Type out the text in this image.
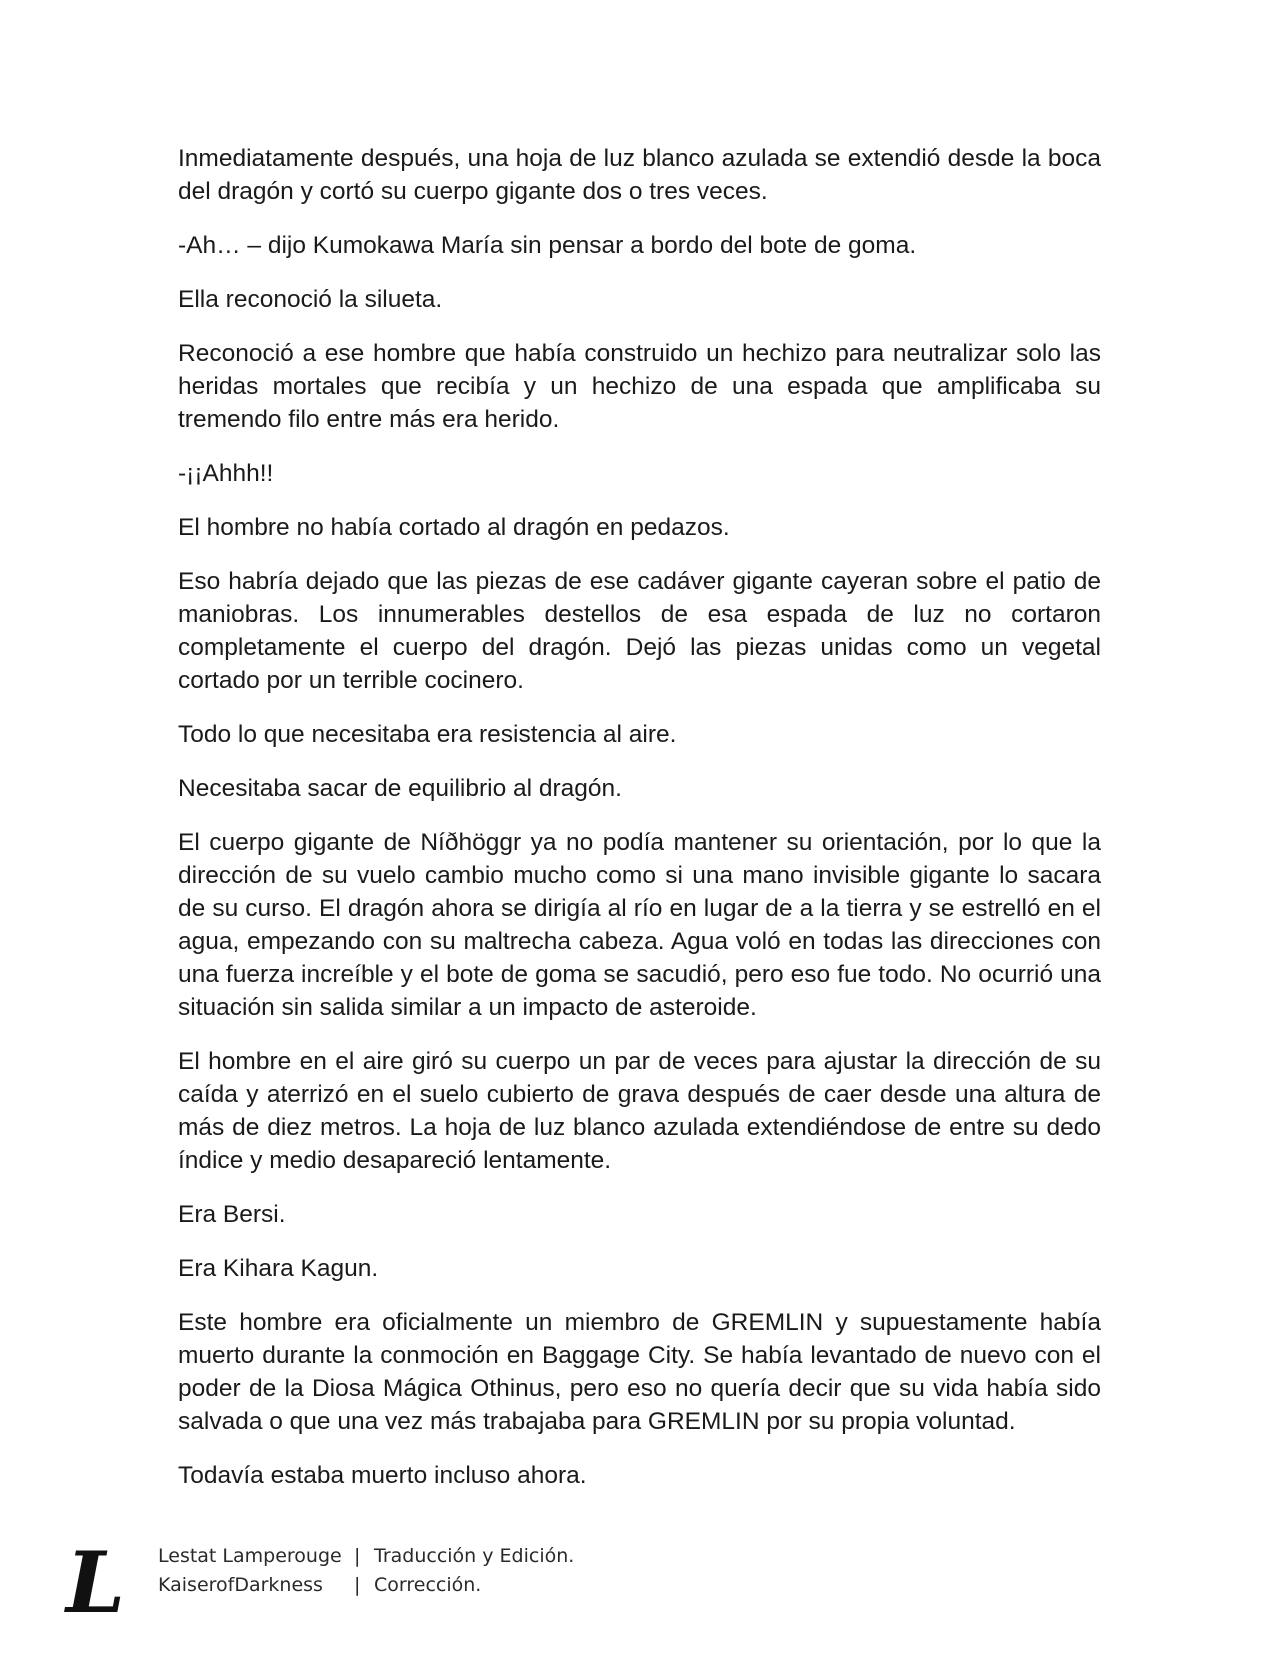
Inmediatamente después, una hoja de luz blanco azulada se extendió desde la boca del dragón y cortó su cuerpo gigante dos o tres veces.

-Ah… – dijo Kumokawa María sin pensar a bordo del bote de goma.

Ella reconoció la silueta.

Reconoció a ese hombre que había construido un hechizo para neutralizar solo las heridas mortales que recibía y un hechizo de una espada que amplificaba su tremendo filo entre más era herido.

-¡¡Ahhh!!

El hombre no había cortado al dragón en pedazos.

Eso habría dejado que las piezas de ese cadáver gigante cayeran sobre el patio de maniobras. Los innumerables destellos de esa espada de luz no cortaron completamente el cuerpo del dragón. Dejó las piezas unidas como un vegetal cortado por un terrible cocinero.

Todo lo que necesitaba era resistencia al aire.

Necesitaba sacar de equilibrio al dragón.

El cuerpo gigante de Níðhöggr ya no podía mantener su orientación, por lo que la dirección de su vuelo cambio mucho como si una mano invisible gigante lo sacara de su curso. El dragón ahora se dirigía al río en lugar de a la tierra y se estrelló en el agua, empezando con su maltrecha cabeza. Agua voló en todas las direcciones con una fuerza increíble y el bote de goma se sacudió, pero eso fue todo. No ocurrió una situación sin salida similar a un impacto de asteroide.

El hombre en el aire giró su cuerpo un par de veces para ajustar la dirección de su caída y aterrizó en el suelo cubierto de grava después de caer desde una altura de más de diez metros. La hoja de luz blanco azulada extendiéndose de entre su dedo índice y medio desapareció lentamente.

Era Bersi.

Era Kihara Kagun.

Este hombre era oficialmente un miembro de GREMLIN y supuestamente había muerto durante la conmoción en Baggage City. Se había levantado de nuevo con el poder de la Diosa Mágica Othinus, pero eso no quería decir que su vida había sido salvada o que una vez más trabajaba para GREMLIN por su propia voluntad.

Todavía estaba muerto incluso ahora.

L Lestat Lamperouge | Traducción y Edición.
KaiserofDarkness	| Corrección.
